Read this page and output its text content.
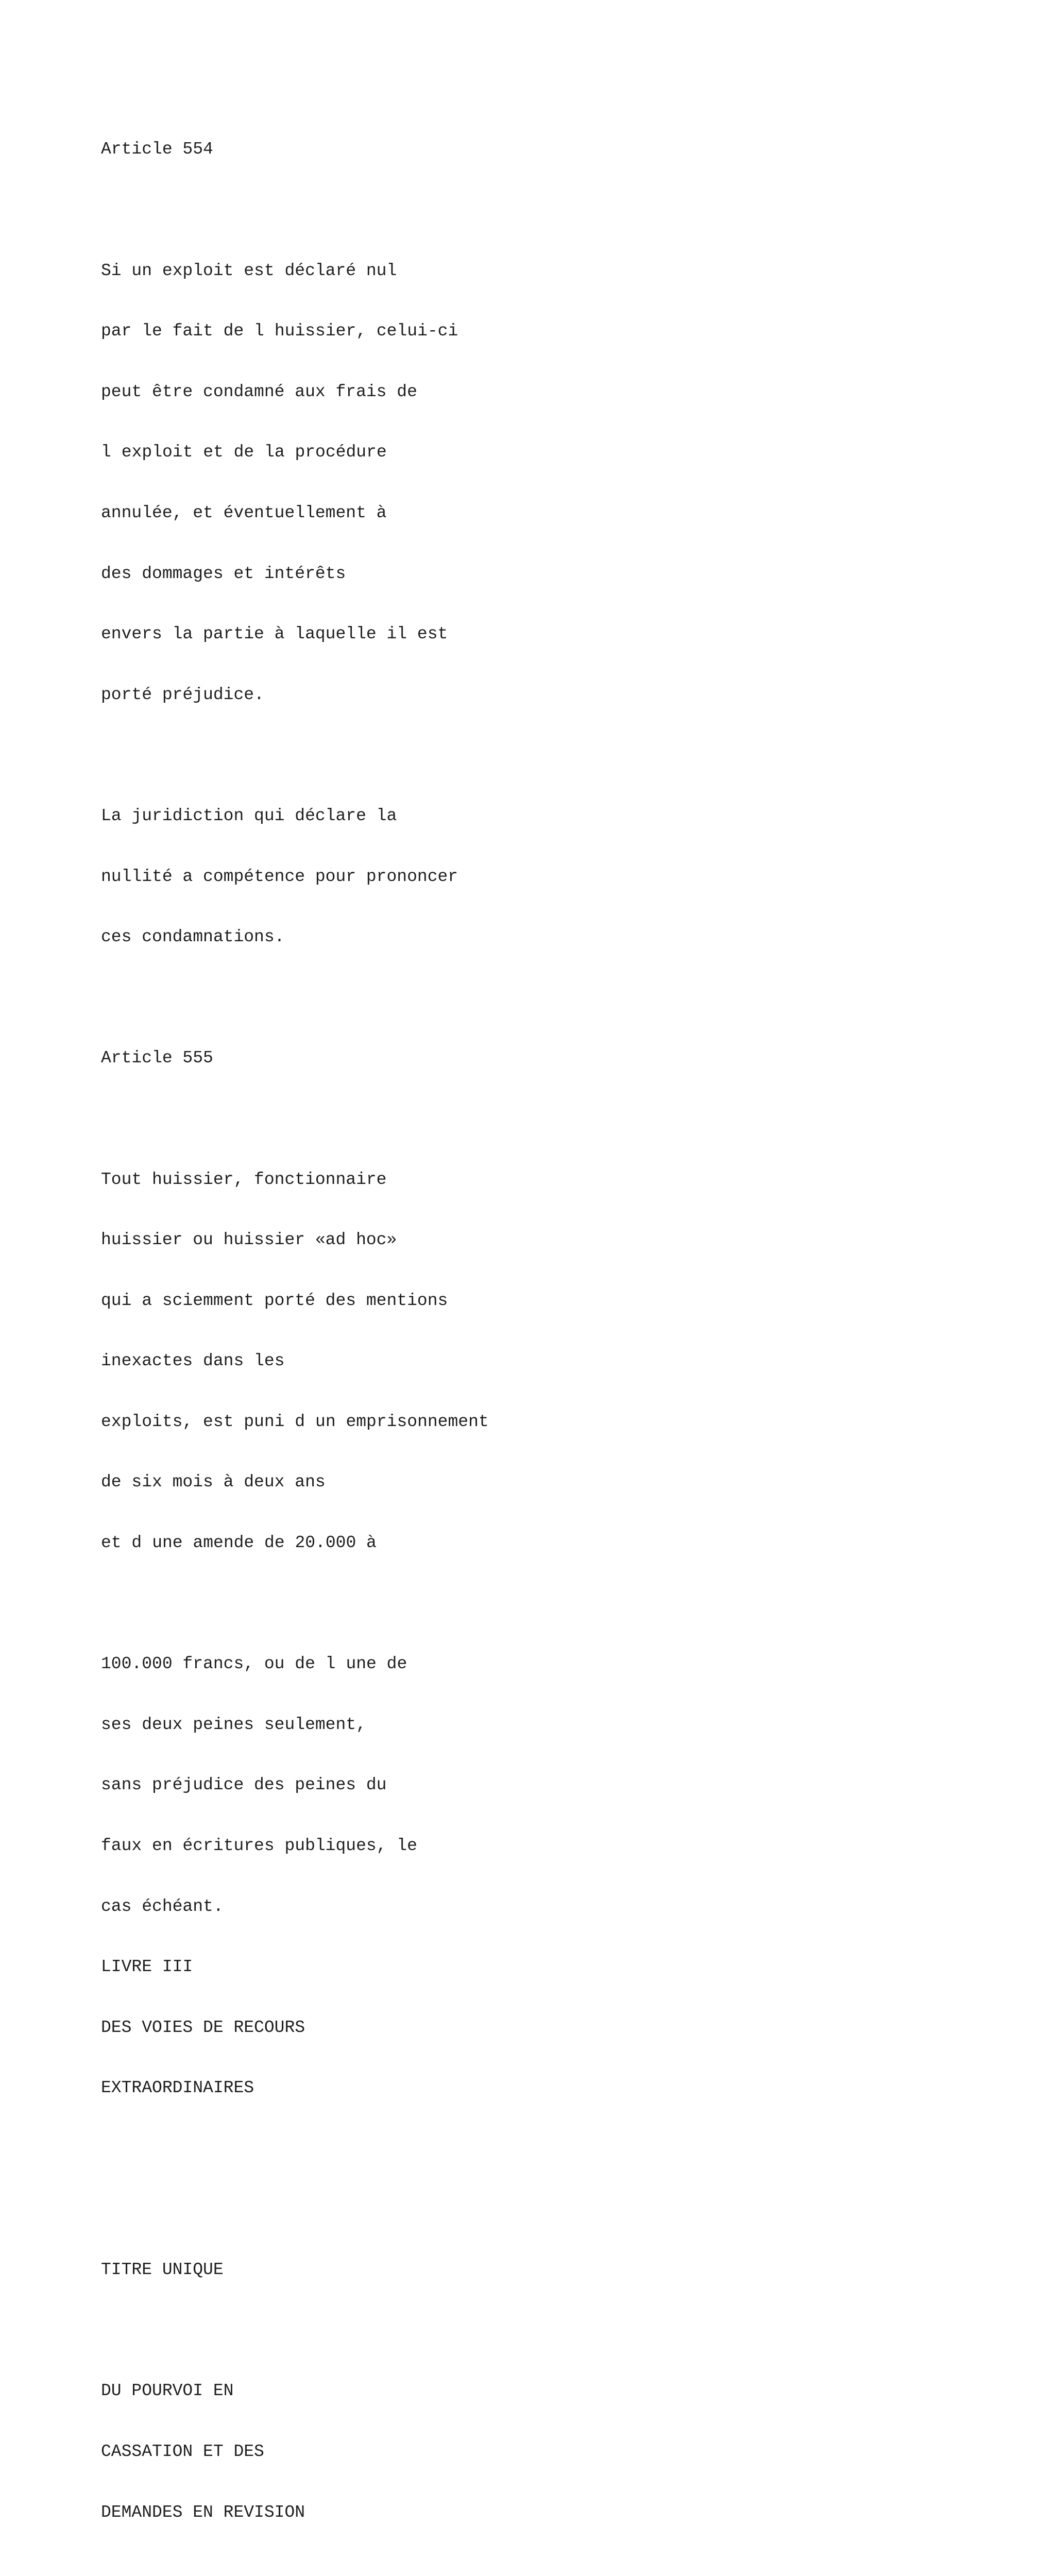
Article 554

Si un exploit est déclaré nul

par le fait de lhuissier, celui-ci

peut être condamné aux frais de

lexploit et de la procédure

annulée, et éventuellement à

des dommages et intérêts

envers la partie à laquelle il est

porté préjudice.

La juridiction qui déclare la

nullité a compétence pour prononcer

ces condamnations.

Article 555

Tout huissier, fonctionnaire

huissier ou huissier «ad hoc»

qui a sciemment porté des mentions

inexactes dans les

exploits, est puni dun emprisonnement

de six mois à deux ans

et dune amende de 20.000 à

100.000 francs, ou de lune de

ses deux peines seulement,

sans préjudice des peines du

faux en écritures publiques, le

cas échéant.

LIVRE III

DES VOIES DE RECOURS

EXTRAORDINAIRES

TITRE UNIQUE

DU POURVOI EN

CASSATION ET DES

DEMANDES EN REVISION
